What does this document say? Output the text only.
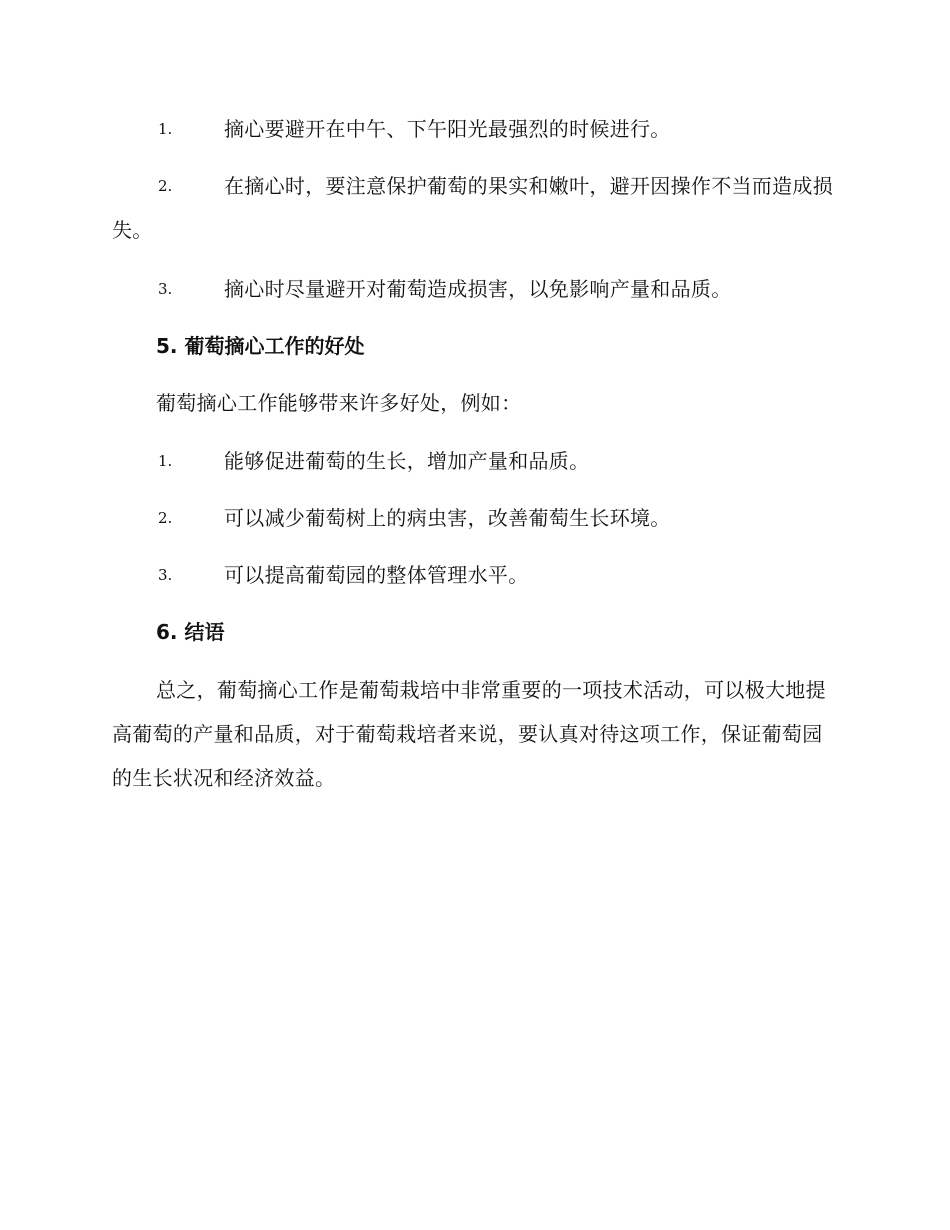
1.	摘心要避开在中午、下午阳光最强烈的时候进行。
2.	在摘心时，要注意保护葡萄的果实和嫩叶，避开因操作不当而造成损失。
3.	摘心时尽量避开对葡萄造成损害，以免影响产量和品质。
5. 葡萄摘心工作的好处
葡萄摘心工作能够带来许多好处，例如：
1.	能够促进葡萄的生长，增加产量和品质。
2.	可以减少葡萄树上的病虫害，改善葡萄生长环境。
3.	可以提高葡萄园的整体管理水平。
6. 结语
总之，葡萄摘心工作是葡萄栽培中非常重要的一项技术活动，可以极大地提高葡萄的产量和品质，对于葡萄栽培者来说，要认真对待这项工作，保证葡萄园的生长状况和经济效益。
